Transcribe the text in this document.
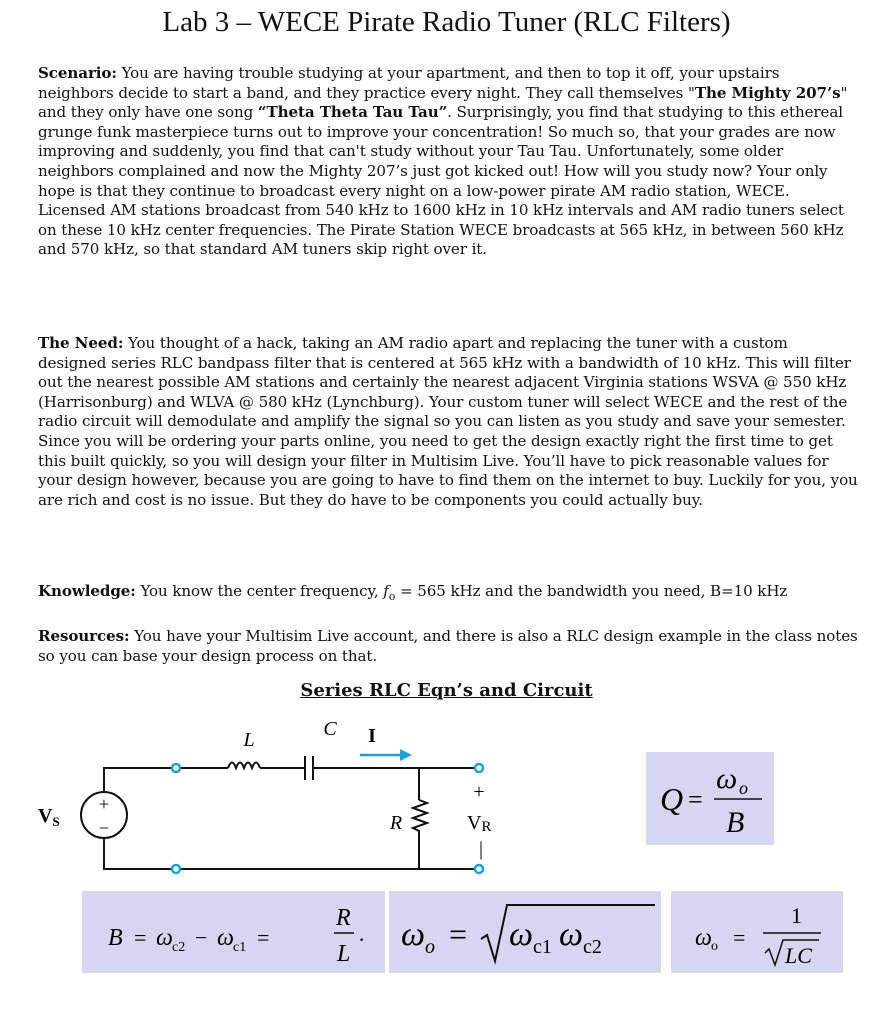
Lab 3 – WECE Pirate Radio Tuner (RLC Filters)
Scenario: You are having trouble studying at your apartment, and then to top it off, your upstairs neighbors decide to start a band, and they practice every night. They call themselves "The Mighty 207’s" and they only have one song “Theta Theta Tau Tau”. Surprisingly, you find that studying to this ethereal grunge funk masterpiece turns out to improve your concentration! So much so, that your grades are now improving and suddenly, you find that can't study without your Tau Tau. Unfortunately, some older neighbors complained and now the Mighty 207’s just got kicked out! How will you study now? Your only hope is that they continue to broadcast every night on a low-power pirate AM radio station, WECE. Licensed AM stations broadcast from 540 kHz to 1600 kHz in 10 kHz intervals and AM radio tuners select on these 10 kHz center frequencies. The Pirate Station WECE broadcasts at 565 kHz, in between 560 kHz and 570 kHz, so that standard AM tuners skip right over it.
The Need: You thought of a hack, taking an AM radio apart and replacing the tuner with a custom designed series RLC bandpass filter that is centered at 565 kHz with a bandwidth of 10 kHz. This will filter out the nearest possible AM stations and certainly the nearest adjacent Virginia stations WSVA @ 550 kHz (Harrisonburg) and WLVA @ 580 kHz (Lynchburg). Your custom tuner will select WECE and the rest of the radio circuit will demodulate and amplify the signal so you can listen as you study and save your semester. Since you will be ordering your parts online, you need to get the design exactly right the first time to get this built quickly, so you will design your filter in Multisim Live. You’ll have to pick reasonable values for your design however, because you are going to have to find them on the internet to buy. Luckily for you, you are rich and cost is no issue. But they do have to be components you could actually buy.
Knowledge: You know the center frequency, $f_o = 565$ kHz and the bandwidth you need, B=10 kHz
Resources: You have your Multisim Live account, and there is also a RLC design example in the class notes so you can base your design process on that.
Series RLC Eqn’s and Circuit
L	C I
R
+
−
$V_S$
+
VR
|
Q =
ω o
B
B = ω c2 − ω c1 =
R
L
· ω o = ω c1 ω c2	ω o =
1
LC
